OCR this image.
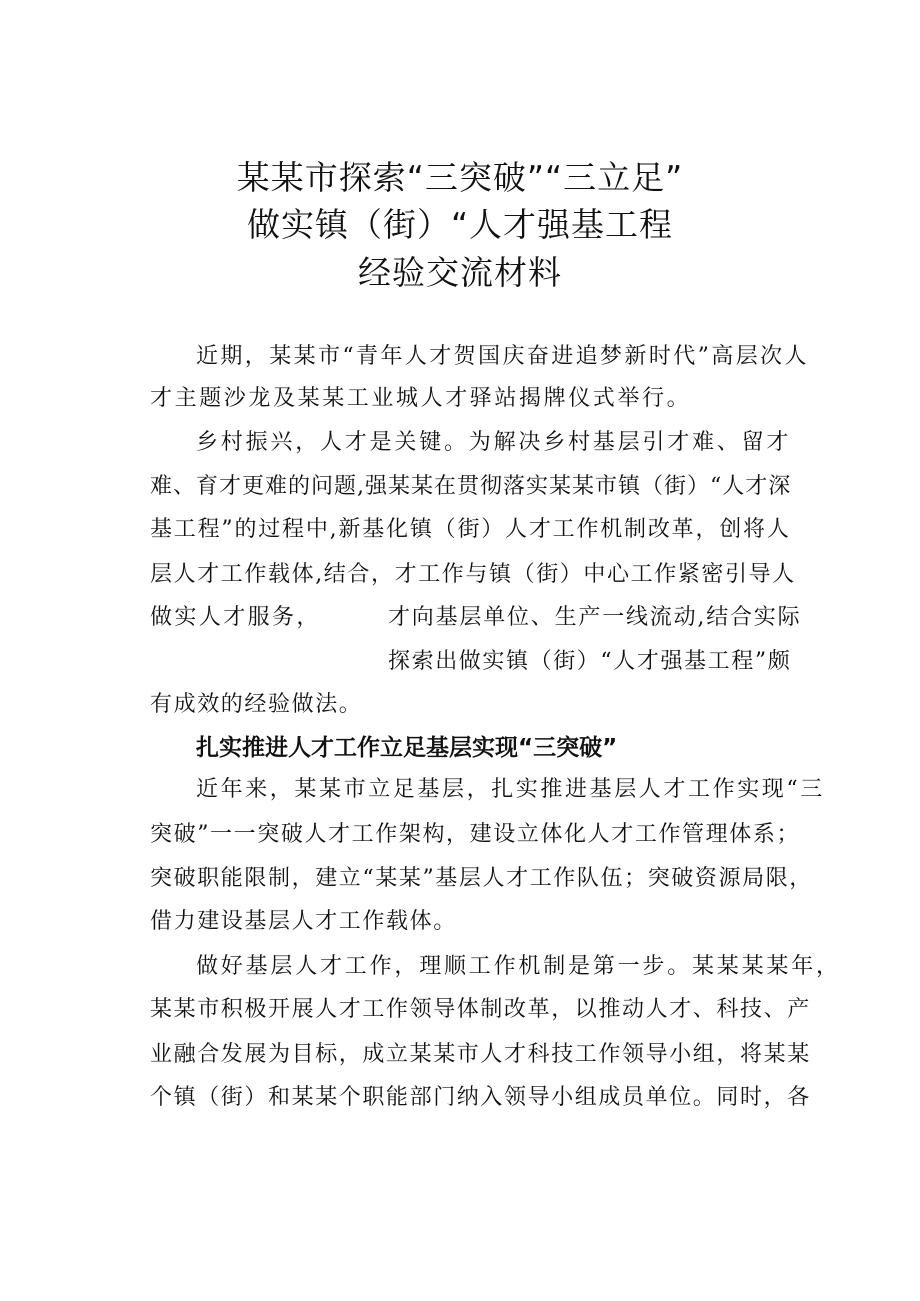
某某市探索“三突破”“三立足”
做实镇（街）“人才强基工程
经验交流材料
近期，某某市“青年人才贺国庆奋进追梦新时代”高层次人
才主题沙龙及某某工业城人才驿站揭牌仪式举行。
乡村振兴，人才是关键。为解决乡村基层引才难、留才
难、育才更难的问题,强某某在贯彻落实某某市镇（街）“人才深
基工程”的过程中,新基化镇（街）人才工作机制改革，创将人
层人才工作载体,结合，才工作与镇（街）中心工作紧密引导人
做实人才服务，	才向基层单位、生产一线流动,结合实际
探索出做实镇（街）“人才强基工程”颇
有成效的经验做法。
扎实推进人才工作立足基层实现“三突破”
近年来，某某市立足基层，扎实推进基层人才工作实现“三
突破”一一突破人才工作架构，建设立体化人才工作管理体系；
突破职能限制，建立“某某”基层人才工作队伍；突破资源局限，
借力建设基层人才工作载体。
做好基层人才工作，理顺工作机制是第一步。某某某某年，
某某市积极开展人才工作领导体制改革，以推动人才、科技、产
业融合发展为目标，成立某某市人才科技工作领导小组，将某某
个镇（街）和某某个职能部门纳入领导小组成员单位。同时，各
